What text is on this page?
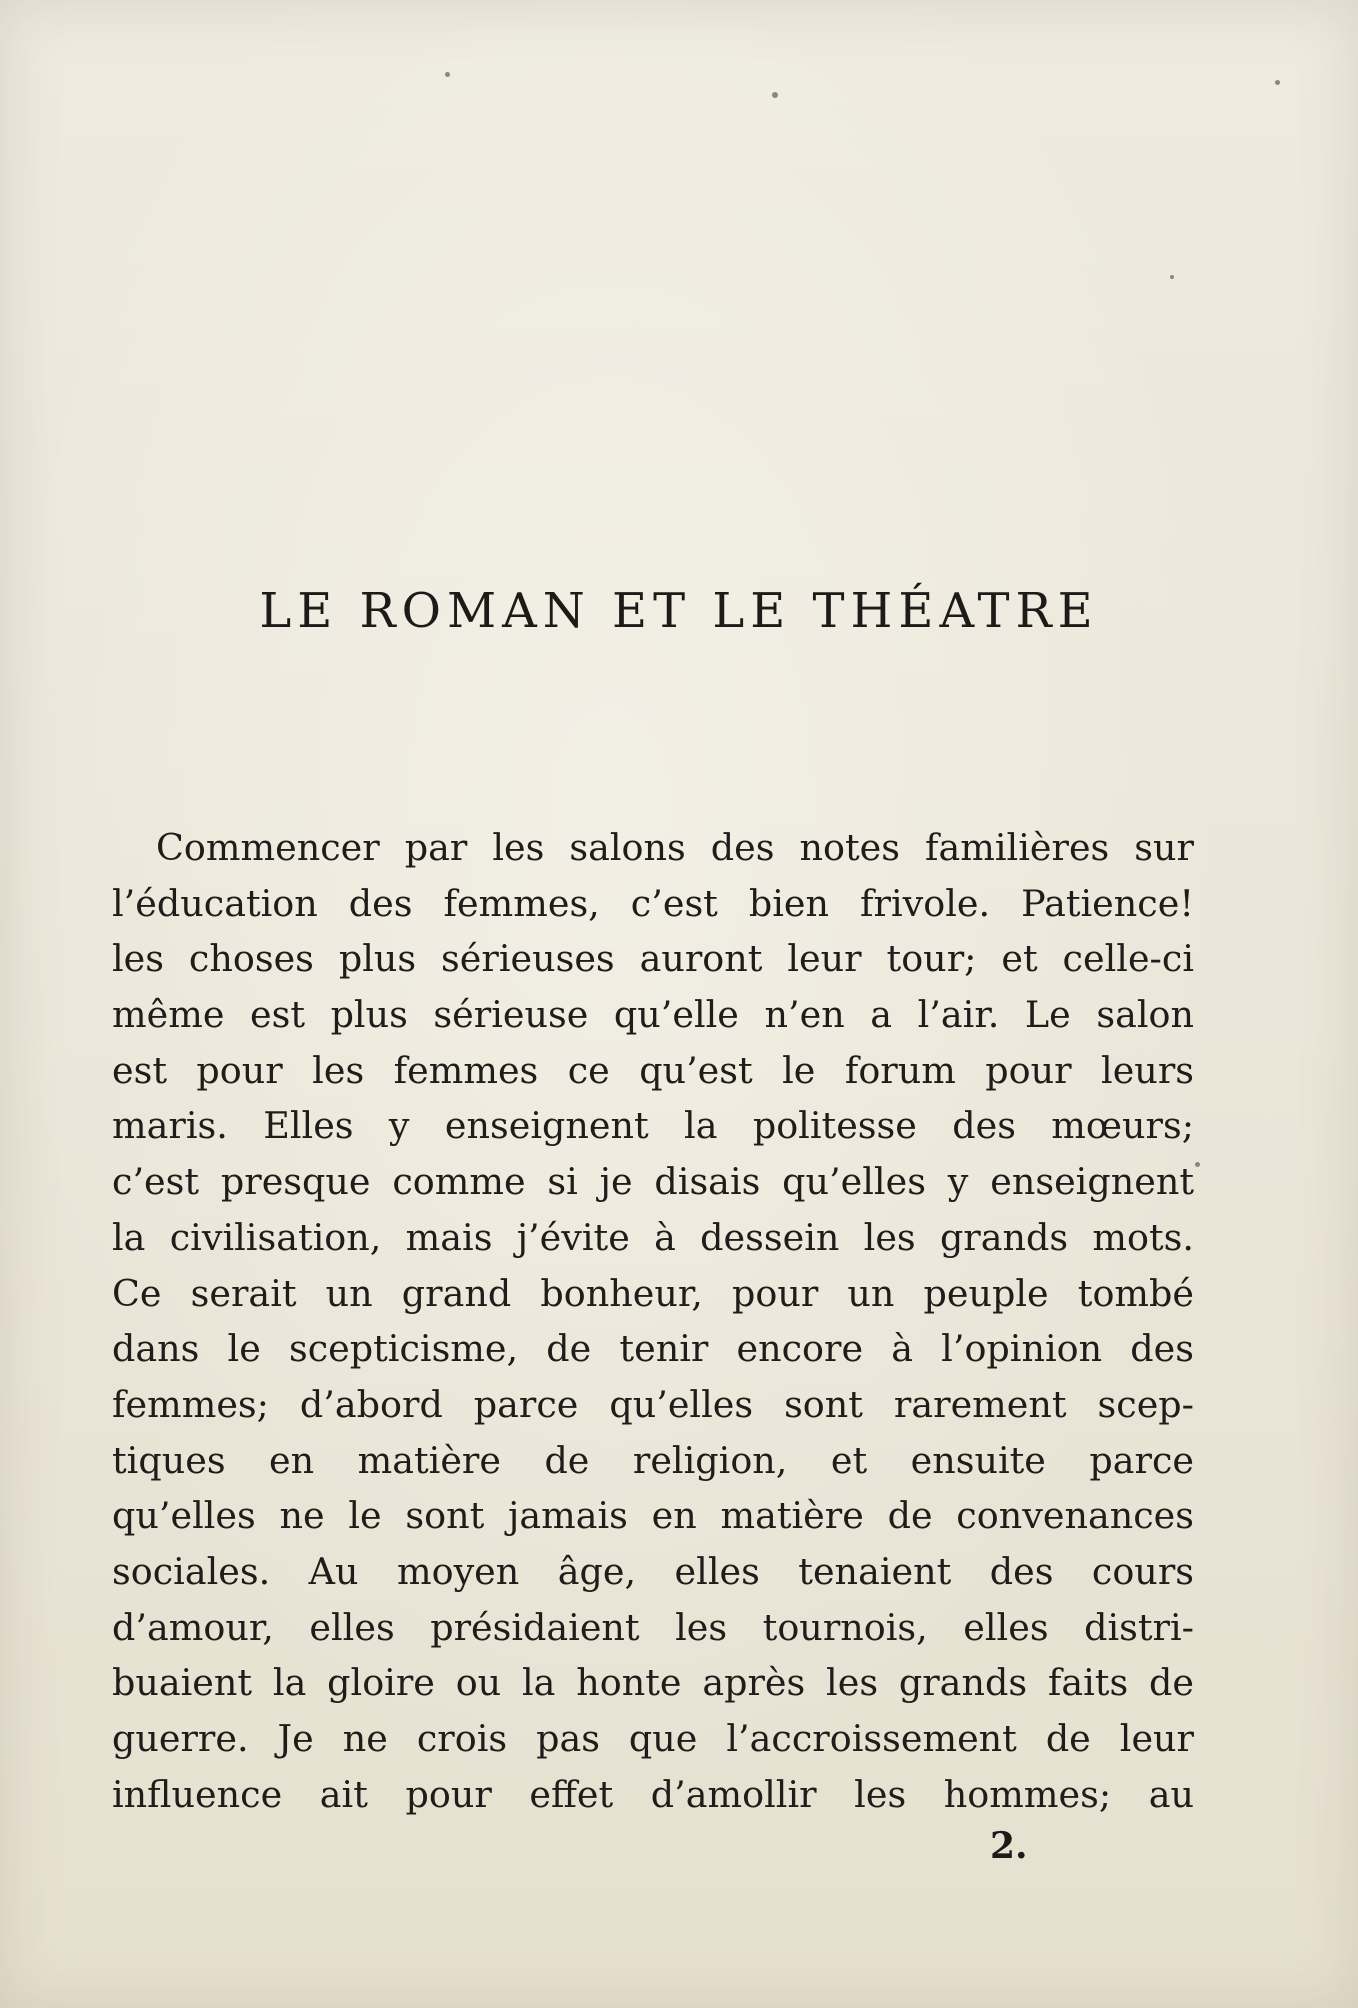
LE ROMAN ET LE THÉATRE
Commencer par les salons des notes familières sur
l’éducation des femmes, c’est bien frivole. Patience!
les choses plus sérieuses auront leur tour; et celle-ci
même est plus sérieuse qu’elle n’en a l’air. Le salon
est pour les femmes ce qu’est le forum pour leurs
maris. Elles y enseignent la politesse des mœurs;
c’est presque comme si je disais qu’elles y enseignent
la civilisation, mais j’évite à dessein les grands mots.
Ce serait un grand bonheur, pour un peuple tombé
dans le scepticisme, de tenir encore à l’opinion des
femmes; d’abord parce qu’elles sont rarement scep-
tiques en matière de religion, et ensuite parce
qu’elles ne le sont jamais en matière de convenances
sociales. Au moyen âge, elles tenaient des cours
d’amour, elles présidaient les tournois, elles distri-
buaient la gloire ou la honte après les grands faits de
guerre. Je ne crois pas que l’accroissement de leur
influence ait pour effet d’amollir les hommes; au
2.
